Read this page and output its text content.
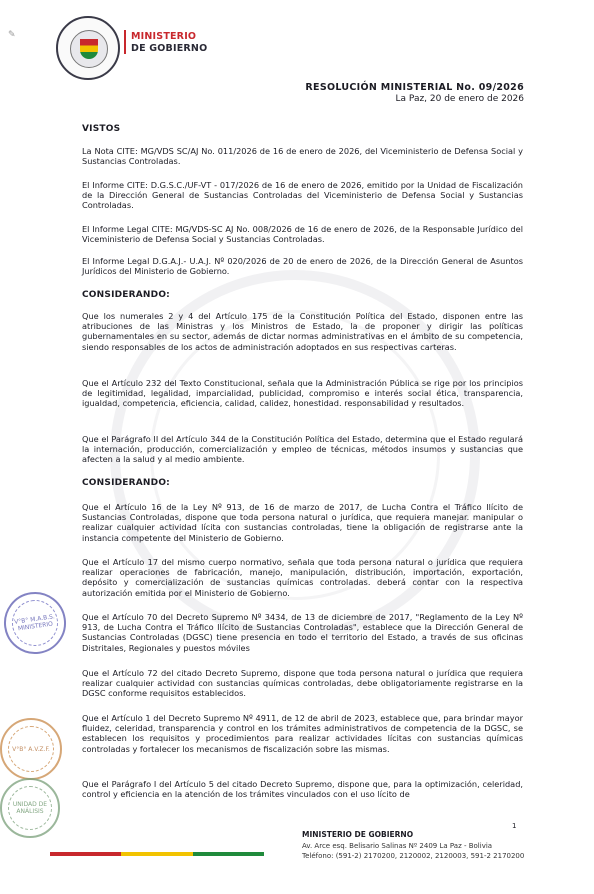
✎	MINISTERIO
DE GOBIERNO
RESOLUCIÓN MINISTERIAL No. 09/2026
La Paz, 20 de enero de 2026
VISTOS
La Nota CITE: MG/VDS SC/AJ No. 011/2026 de 16 de enero de 2026, del Viceministerio de Defensa Social y Sustancias Controladas.
El Informe CITE: D.G.S.C./UF-VT - 017/2026 de 16 de enero de 2026, emitido por la Unidad de Fiscalización de la Dirección General de Sustancias Controladas del Viceministerio de Defensa Social y Sustancias Controladas.
El Informe Legal CITE: MG/VDS-SC AJ No. 008/2026 de 16 de enero de 2026, de la Responsable Jurídico del Viceministerio de Defensa Social y Sustancias Controladas.
El Informe Legal D.G.A.J.- U.A.J. Nº 020/2026 de 20 de enero de 2026, de la Dirección General de Asuntos Jurídicos del Ministerio de Gobierno.
CONSIDERANDO:
Que los numerales 2 y 4 del Artículo 175 de la Constitución Política del Estado, disponen entre las atribuciones de las Ministras y los Ministros de Estado, la de proponer y dirigir las políticas gubernamentales en su sector, además de dictar normas administrativas en el ámbito de su competencia, siendo responsables de los actos de administración adoptados en sus respectivas carteras.
Que el Artículo 232 del Texto Constitucional, señala que la Administración Pública se rige por los principios de legitimidad, legalidad, imparcialidad, publicidad, compromiso e interés social ética, transparencia, igualdad, competencia, eficiencia, calidad, calidez, honestidad. responsabilidad y resultados.
Que el Parágrafo II del Artículo 344 de la Constitución Política del Estado, determina que el Estado regulará la internación, producción, comercialización y empleo de técnicas, métodos insumos y sustancias que afecten a la salud y al medio ambiente.
CONSIDERANDO:
Que el Artículo 16 de la Ley Nº 913, de 16 de marzo de 2017, de Lucha Contra el Tráfico Ilícito de Sustancias Controladas, dispone que toda persona natural o jurídica, que requiera manejar. manipular o realizar cualquier actividad lícita con sustancias controladas, tiene la obligación de registrarse ante la instancia competente del Ministerio de Gobierno.
Que el Artículo 17 del mismo cuerpo normativo, señala que toda persona natural o jurídica que requiera realizar operaciones de fabricación, manejo, manipulación, distribución, importación, exportación, depósito y comercialización de sustancias químicas controladas. deberá contar con la respectiva autorización emitida por el Ministerio de Gobierno.
Que el Artículo 70 del Decreto Supremo Nº 3434, de 13 de diciembre de 2017, "Reglamento de la Ley Nº 913, de Lucha Contra el Tráfico Ilícito de Sustancias Controladas", establece que la Dirección General de Sustancias Controladas (DGSC) tiene presencia en todo el territorio del Estado, a través de sus oficinas Distritales, Regionales y puestos móviles
Que el Artículo 72 del citado Decreto Supremo, dispone que toda persona natural o jurídica que requiera realizar cualquier actividad con sustancias químicas controladas, debe obligatoriamente registrarse en la DGSC conforme requisitos establecidos.
Que el Artículo 1 del Decreto Supremo Nº 4911, de 12 de abril de 2023, establece que, para brindar mayor fluidez, celeridad, transparencia y control en los trámites administrativos de competencia de la DGSC, se establecen los requisitos y procedimientos para realizar actividades lícitas con sustancias químicas controladas y fortalecer los mecanismos de fiscalización sobre las mismas.
Que el Parágrafo I del Artículo 5 del citado Decreto Supremo, dispone que, para la optimización, celeridad, control y eficiencia en la atención de los trámites vinculados con el uso lícito de
V°B° M.A.B.S. MINISTERIO
V°B° A.V.Z.F.
UNIDAD DE ANÁLISIS
1
MINISTERIO DE GOBIERNO
Av. Arce esq. Belisario Salinas Nº 2409 La Paz - Bolivia
Teléfono: (591-2) 2170200, 2120002, 2120003, 591-2 2170200
